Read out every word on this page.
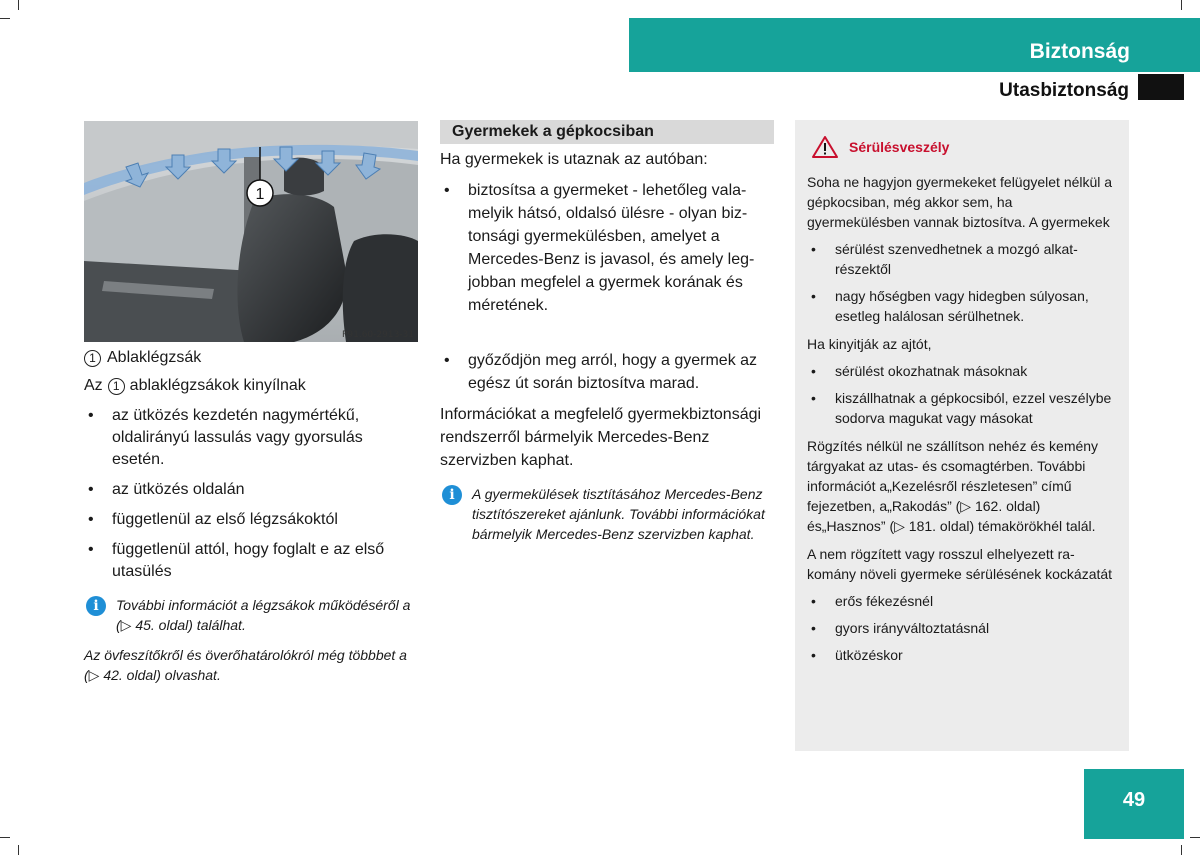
Biztonság
Utasbiztonság
1
P91.60-2913-31
1 Ablaklégzsák
Az 1 ablaklégzsákok kinyílnak
• az ütközés kezdetén nagymértékű, oldalirányú lassulás vagy gyorsulás esetén.
• az ütközés oldalán
• függetlenül az első légzsákoktól
• függetlenül attól, hogy foglalt e az első utasülés
i	További információt a légzsákok működéséről a (▷ 45. oldal) találhat.
Az övfeszítőkről és överőhatárolókról még többbet a (▷ 42. oldal) olvashat.
Gyermekek a gépkocsiban
Ha gyermekek is utaznak az autóban:
• biztosítsa a gyermeket - lehetőleg valamelyik hátsó, oldalsó ülésre - olyan biztonsági gyermekülésben, amelyet a Mercedes-Benz is javasol, és amely legjobban megfelel a gyermek korának és méretének.
• győződjön meg arról, hogy a gyermek az egész út során biztosítva marad.
Információkat a megfelelő gyermekbiztonsági rendszerről bármelyik Mercedes-Benz szervizben kaphat.
i	A gyermekülések tisztításához Mercedes-Benz tisztítószereket ajánlunk. További információkat bármelyik Mercedes-Benz szervizben kaphat.
Sérülésveszély
Soha ne hagyjon gyermekeket felügyelet nélkül a gépkocsiban, még akkor sem, ha gyermekülésben vannak biztosítva. A gyermekek
• sérülést szenvedhetnek a mozgó alkatrészektől
• nagy hőségben vagy hidegben súlyosan, esetleg halálosan sérülhetnek.
Ha kinyitják az ajtót,
• sérülést okozhatnak másoknak
• kiszállhatnak a gépkocsiból, ezzel veszélybe sodorva magukat vagy másokat
Rögzítés nélkül ne szállítson nehéz és kemény tárgyakat az utas- és csomagtérben. További információt a„Kezelésről részletesen” című fejezetben, a„Rakodás” (▷ 162. oldal) és„Hasznos” (▷ 181. oldal) témakörökhél talál.
A nem rögzített vagy rosszul elhelyezett rakomány növeli gyermeke sérülésének kockázatát
• erős fékezésnél
• gyors irányváltoztatásnál
• ütközéskor
49
